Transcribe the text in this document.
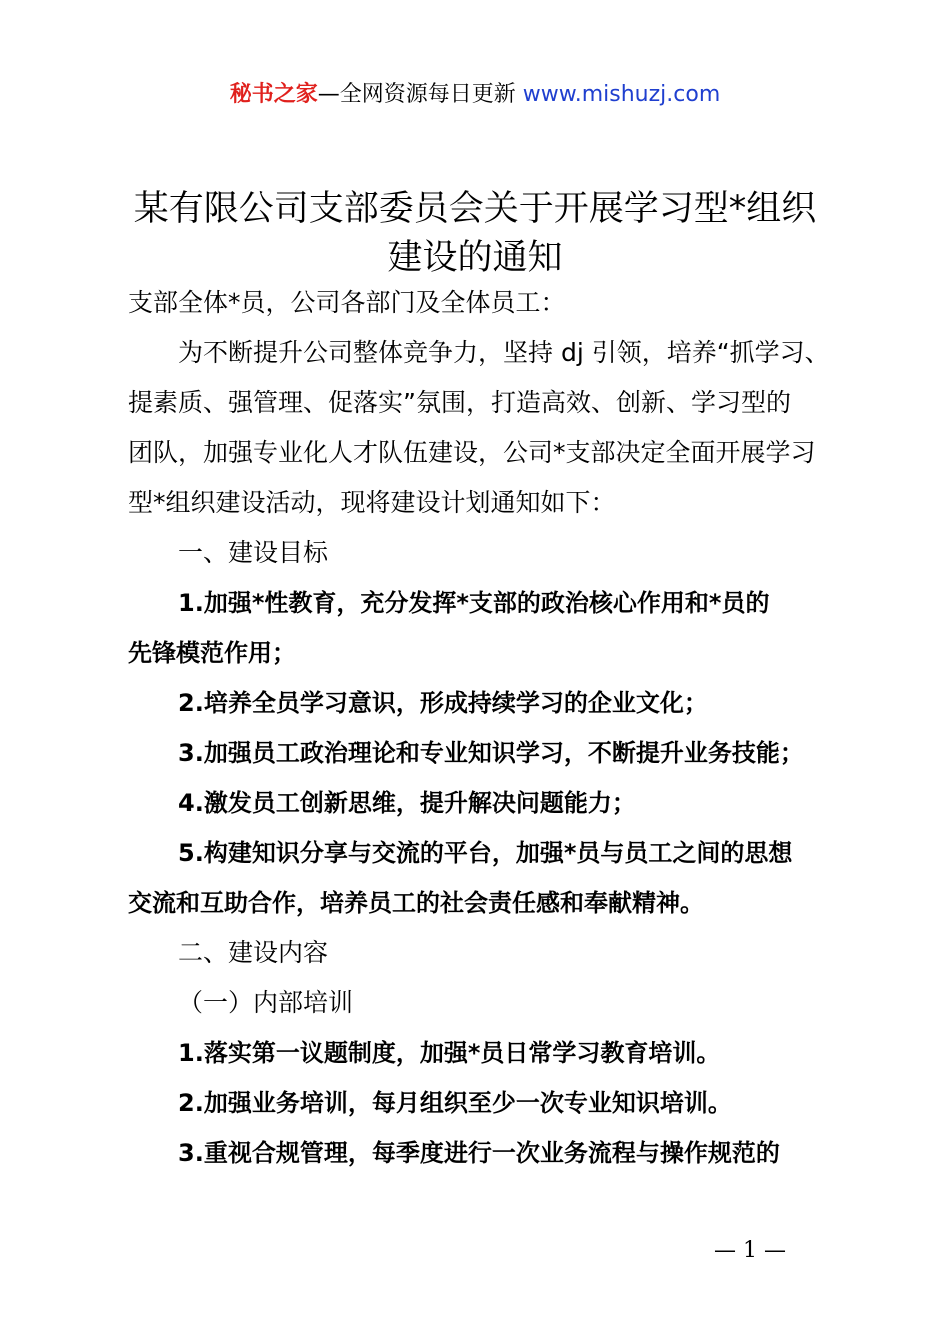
秘书之家—全网资源每日更新 www.mishuzj.com
某有限公司支部委员会关于开展学习型*组织
建设的通知
支部全体*员，公司各部门及全体员工：
为不断提升公司整体竞争力，坚持 dj 引领，培养“抓学习、
提素质、强管理、促落实”氛围，打造高效、创新、学习型的
团队，加强专业化人才队伍建设，公司*支部决定全面开展学习
型*组织建设活动，现将建设计划通知如下：
一、建设目标
1.加强*性教育，充分发挥*支部的政治核心作用和*员的
先锋模范作用；
2.培养全员学习意识，形成持续学习的企业文化；
3.加强员工政治理论和专业知识学习，不断提升业务技能；
4.激发员工创新思维，提升解决问题能力；
5.构建知识分享与交流的平台，加强*员与员工之间的思想
交流和互助合作，培养员工的社会责任感和奉献精神。
二、建设内容
（一）内部培训
1.落实第一议题制度，加强*员日常学习教育培训。
2.加强业务培训，每月组织至少一次专业知识培训。
3.重视合规管理，每季度进行一次业务流程与操作规范的
— 1 —
